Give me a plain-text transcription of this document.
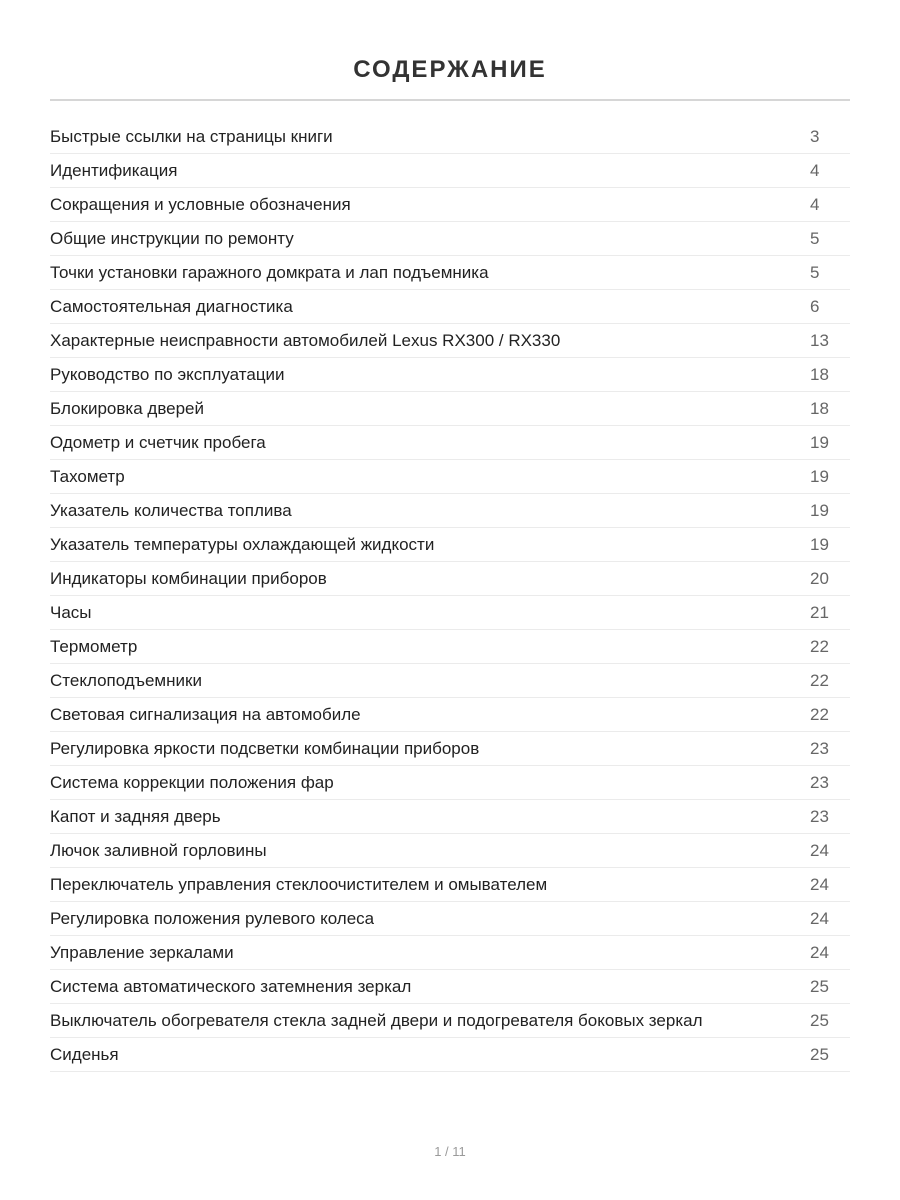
СОДЕРЖАНИЕ
Быстрые ссылки на страницы книги	3
Идентификация	4
Сокращения и условные обозначения	4
Общие инструкции по ремонту	5
Точки установки гаражного домкрата и лап подъемника	5
Самостоятельная диагностика	6
Характерные неисправности автомобилей Lexus RX300 / RX330	13
Руководство по эксплуатации	18
Блокировка дверей	18
Одометр и счетчик пробега	19
Тахометр	19
Указатель количества топлива	19
Указатель температуры охлаждающей жидкости	19
Индикаторы комбинации приборов	20
Часы	21
Термометр	22
Стеклоподъемники	22
Световая сигнализация на автомобиле	22
Регулировка яркости подсветки комбинации приборов	23
Система коррекции положения фар	23
Капот и задняя дверь	23
Лючок заливной горловины	24
Переключатель управления стеклоочистителем и омывателем	24
Регулировка положения рулевого колеса	24
Управление зеркалами	24
Система автоматического затемнения зеркал	25
Выключатель обогревателя стекла задней двери и подогревателя боковых зеркал	25
Сиденья	25
1 / 11
